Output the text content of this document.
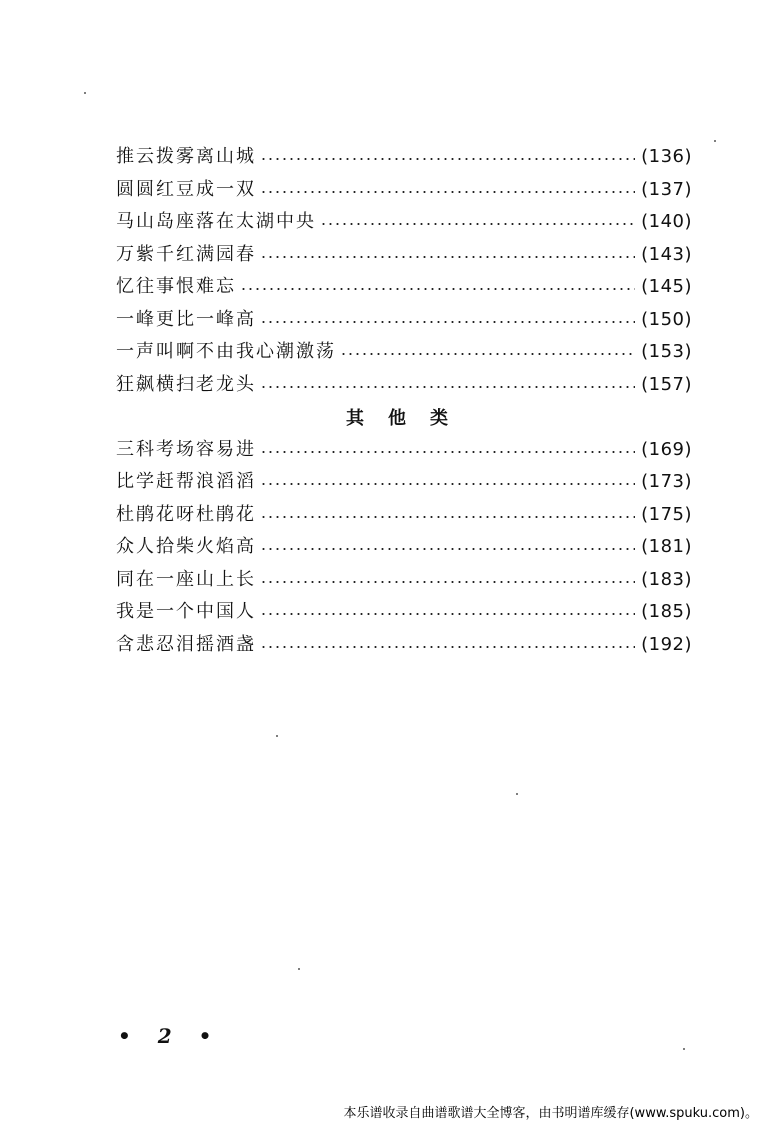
推云拨雾离山城	(136)
圆圆红豆成一双	(137)
马山岛座落在太湖中央	(140)
万紫千红满园春	(143)
忆往事恨难忘	(145)
一峰更比一峰高	(150)
一声叫啊不由我心潮激荡	(153)
狂飙横扫老龙头	(157)
其他类
三科考场容易进	(169)
比学赶帮浪滔滔	(173)
杜鹃花呀杜鹃花	(175)
众人拾柴火焰高	(181)
同在一座山上长	(183)
我是一个中国人	(185)
含悲忍泪摇酒盏	(192)
• 2 •
本乐谱收录自曲谱歌谱大全博客，由书明谱库缓存(www.spuku.com)。
